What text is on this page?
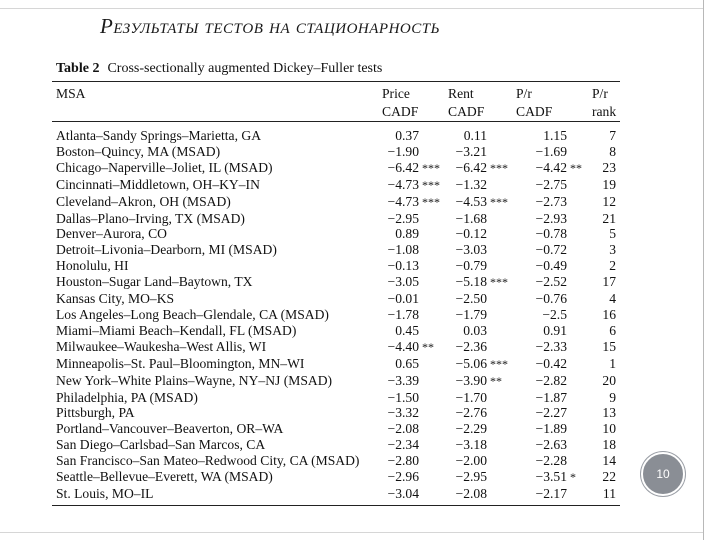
Результаты тестов на стационарность
Table 2 Cross-sectionally augmented Dickey–Fuller tests
MSA	Price	Rent	P/r	P/r
	CADF	CADF	CADF	rank
Atlanta–Sandy Springs–Marietta, GA	0.37	0.11	1.15	7
Boston–Quincy, MA (MSAD)	−1.90	−3.21	−1.69	8
Chicago–Naperville–Joliet, IL (MSAD)	−6.42 ***	−6.42 ***	−4.42 **	23
Cincinnati–Middletown, OH–KY–IN	−4.73 ***	−1.32	−2.75	19
Cleveland–Akron, OH (MSAD)	−4.73 ***	−4.53 ***	−2.73	12
Dallas–Plano–Irving, TX (MSAD)	−2.95	−1.68	−2.93	21
Denver–Aurora, CO	0.89	−0.12	−0.78	5
Detroit–Livonia–Dearborn, MI (MSAD)	−1.08	−3.03	−0.72	3
Honolulu, HI	−0.13	−0.79	−0.49	2
Houston–Sugar Land–Baytown, TX	−3.05	−5.18 ***	−2.52	17
Kansas City, MO–KS	−0.01	−2.50	−0.76	4
Los Angeles–Long Beach–Glendale, CA (MSAD)	−1.78	−1.79	−2.5	16
Miami–Miami Beach–Kendall, FL (MSAD)	0.45	0.03	0.91	6
Milwaukee–Waukesha–West Allis, WI	−4.40 **	−2.36	−2.33	15
Minneapolis–St. Paul–Bloomington, MN–WI	0.65	−5.06 ***	−0.42	1
New York–White Plains–Wayne, NY–NJ (MSAD)	−3.39	−3.90 **	−2.82	20
Philadelphia, PA (MSAD)	−1.50	−1.70	−1.87	9
Pittsburgh, PA	−3.32	−2.76	−2.27	13
Portland–Vancouver–Beaverton, OR–WA	−2.08	−2.29	−1.89	10
San Diego–Carlsbad–San Marcos, CA	−2.34	−3.18	−2.63	18
San Francisco–San Mateo–Redwood City, CA (MSAD)	−2.80	−2.00	−2.28	14
Seattle–Bellevue–Everett, WA (MSAD)	−2.96	−2.95	−3.51 *	22
St. Louis, MO–IL	−3.04	−2.08	−2.17	11
10
